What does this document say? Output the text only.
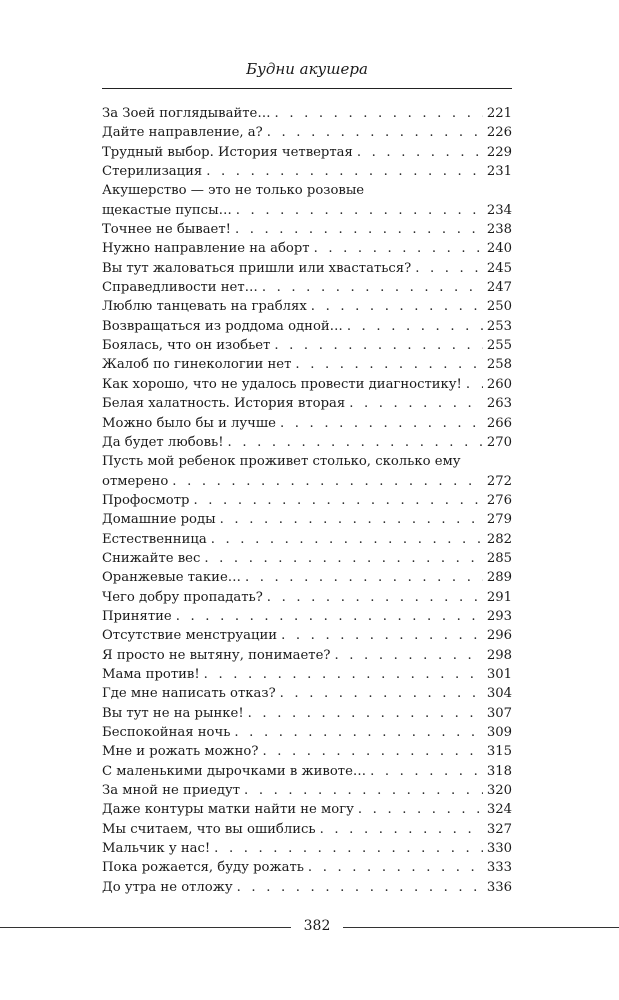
Будни акушера
За Зоей поглядывайте… . . .	221
Дайте направление, а? . . .	226
Трудный выбор. История четвертая . . .	229
Стерилизация . . .	231
Акушерство — это не только розовые
щекастые пупсы… . . .	234
Точнее не бывает! . . .	238
Нужно направление на аборт . . .	240
Вы тут жаловаться пришли или хвастаться? . . .	245
Справедливости нет… . . .	247
Люблю танцевать на граблях . . .	250
Возвращаться из роддома одной… . . .	253
Боялась, что он изобьет . . .	255
Жалоб по гинекологии нет . . .	258
Как хорошо, что не удалось провести диагностику! . . . 260
Белая халатность. История вторая . . .	263
Можно было бы и лучше . . .	266
Да будет любовь! . . .	270
Пусть мой ребенок проживет столько, сколько ему
отмерено . . .	272
Профосмотр . . .	276
Домашние роды . . .	279
Естественница . . .	282
Снижайте вес . . .	285
Оранжевые такие… . . .	289
Чего добру пропадать? . . .	291
Принятие . . .	293
Отсутствие менструации . . .	296
Я просто не вытяну, понимаете? . . .	298
Мама против! . . .	301
Где мне написать отказ? . . .	304
Вы тут не на рынке! . . .	307
Беспокойная ночь . . .	309
Мне и рожать можно? . . .	315
С маленькими дырочками в животе… . . .	318
За мной не приедут . . .	320
Даже контуры матки найти не могу . . .	324
Мы считаем, что вы ошиблись . . .	327
Мальчик у нас! . . .	330
Пока рожается, буду рожать . . .	333
До утра не отложу . . .	336
382
